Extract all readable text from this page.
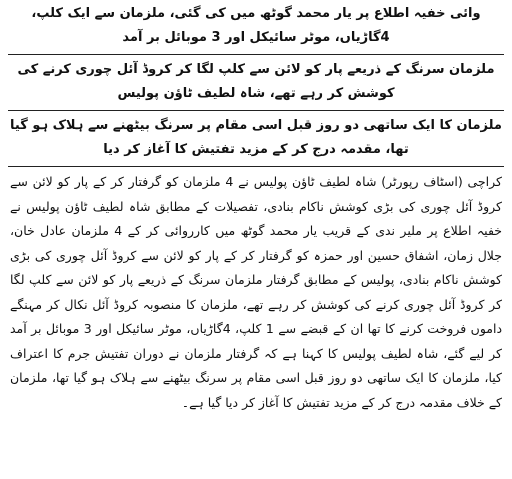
وائی خفیہ اطلاع پر یار محمد گوٹھ میں کی گئی، ملزمان سے ایک کلپ، 4گاڑیاں، موٹر سائیکل اور 3 موبائل بر آمد
ملزمان سرنگ کے ذریعے پار کو لائن سے کلپ لگا کر کروڈ آئل چوری کرنے کی کوشش کر رہے تھے، شاہ لطیف ٹاؤن پولیس
ملزمان کا ایک ساتھی دو روز قبل اسی مقام پر سرنگ بیٹھنے سے ہلاک ہو گیا تھا، مقدمہ درج کر کے مزید تفتیش کا آغاز کر دیا

کراچی (اسٹاف رپورٹر) شاہ لطیف ٹاؤن پولیس نے 4 ملزمان کو گرفتار کر کے پار کو لائن سے کروڈ آئل چوری کی بڑی کوشش ناکام بنادی، تفصیلات کے مطابق شاہ لطیف ٹاؤن پولیس نے خفیہ اطلاع پر ملیر ندی کے قریب یار محمد گوٹھ میں کارروائی کر کے 4 ملزمان عادل خان، جلال زمان، اشفاق حسین اور حمزہ کو گرفتار کر کے پار کو لائن سے کروڈ آئل چوری کی بڑی کوشش ناکام بنادی، پولیس کے مطابق گرفتار ملزمان سرنگ کے ذریعے پار کو لائن سے کلپ لگا کر کروڈ آئل چوری کرنے کی کوشش کر رہے تھے، ملزمان کا منصوبہ کروڈ آئل نکال کر مہنگے داموں فروخت کرنے کا تھا ان کے قبضے سے 1 کلپ، 4گاڑیاں، موٹر سائیکل اور 3 موبائل بر آمد کر لیے گئے، شاہ لطیف پولیس کا کہنا ہے کہ گرفتار ملزمان نے دوران تفتیش جرم کا اعتراف کیا، ملزمان کا ایک ساتھی دو روز قبل اسی مقام پر سرنگ بیٹھنے سے ہلاک ہو گیا تھا، ملزمان کے خلاف مقدمہ درج کر کے مزید تفتیش کا آغاز کر دیا گیا ہے۔
